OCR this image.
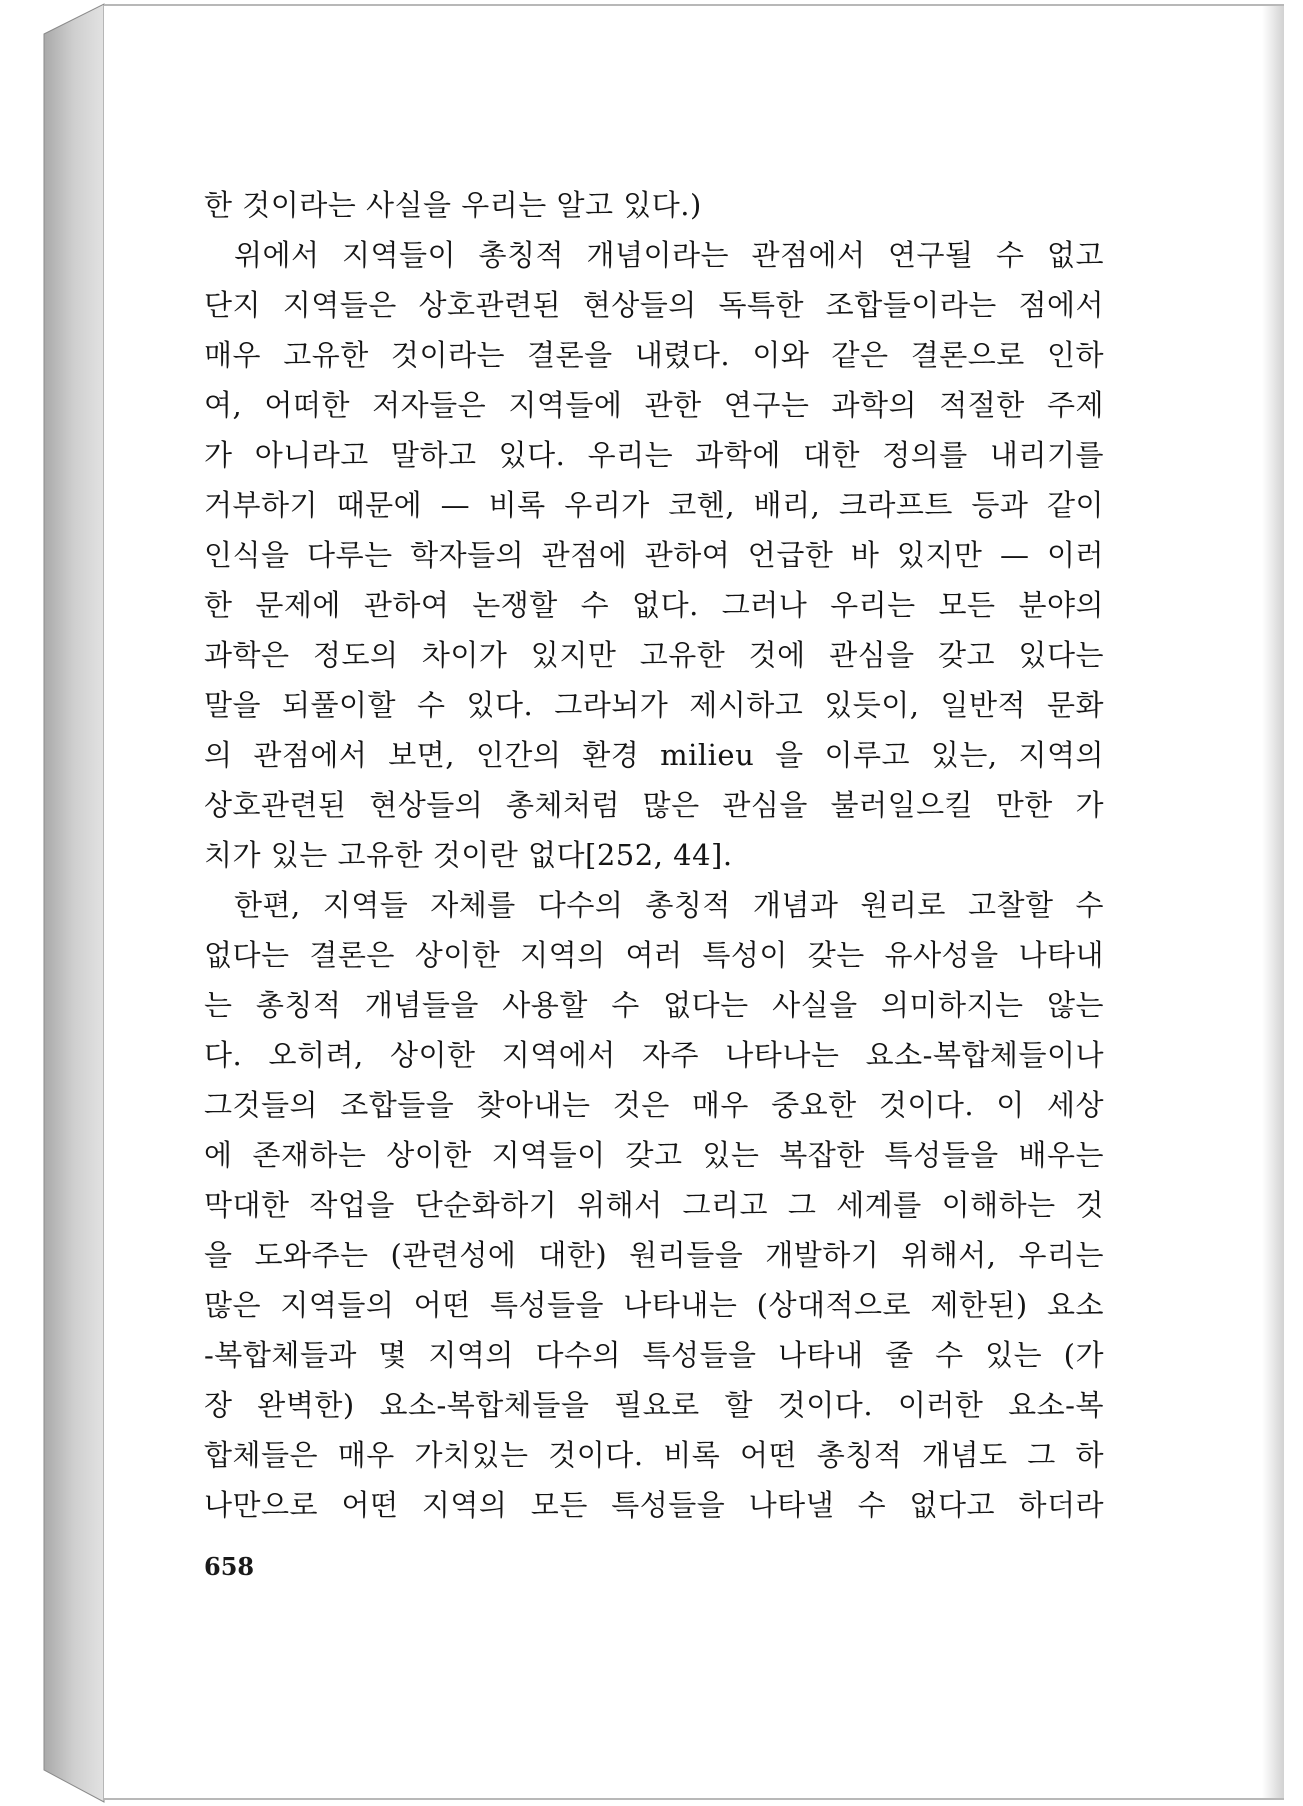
한 것이라는 사실을 우리는 알고 있다.)
위에서 지역들이 총칭적 개념이라는 관점에서 연구될 수 없고
단지 지역들은 상호관련된 현상들의 독특한 조합들이라는 점에서
매우 고유한 것이라는 결론을 내렸다. 이와 같은 결론으로 인하
여, 어떠한 저자들은 지역들에 관한 연구는 과학의 적절한 주제
가 아니라고 말하고 있다. 우리는 과학에 대한 정의를 내리기를
거부하기 때문에 — 비록 우리가 코헨, 배리, 크라프트 등과 같이
인식을 다루는 학자들의 관점에 관하여 언급한 바 있지만 — 이러
한 문제에 관하여 논쟁할 수 없다. 그러나 우리는 모든 분야의
과학은 정도의 차이가 있지만 고유한 것에 관심을 갖고 있다는
말을 되풀이할 수 있다. 그라뇌가 제시하고 있듯이, 일반적 문화
의 관점에서 보면, 인간의 환경 milieu 을 이루고 있는, 지역의
상호관련된 현상들의 총체처럼 많은 관심을 불러일으킬 만한 가
치가 있는 고유한 것이란 없다[252, 44].
한편, 지역들 자체를 다수의 총칭적 개념과 원리로 고찰할 수
없다는 결론은 상이한 지역의 여러 특성이 갖는 유사성을 나타내
는 총칭적 개념들을 사용할 수 없다는 사실을 의미하지는 않는
다. 오히려, 상이한 지역에서 자주 나타나는 요소-복합체들이나
그것들의 조합들을 찾아내는 것은 매우 중요한 것이다. 이 세상
에 존재하는 상이한 지역들이 갖고 있는 복잡한 특성들을 배우는
막대한 작업을 단순화하기 위해서 그리고 그 세계를 이해하는 것
을 도와주는 (관련성에 대한) 원리들을 개발하기 위해서, 우리는
많은 지역들의 어떤 특성들을 나타내는 (상대적으로 제한된) 요소
-복합체들과 몇 지역의 다수의 특성들을 나타내 줄 수 있는 (가
장 완벽한) 요소-복합체들을 필요로 할 것이다. 이러한 요소-복
합체들은 매우 가치있는 것이다. 비록 어떤 총칭적 개념도 그 하
나만으로 어떤 지역의 모든 특성들을 나타낼 수 없다고 하더라
658
